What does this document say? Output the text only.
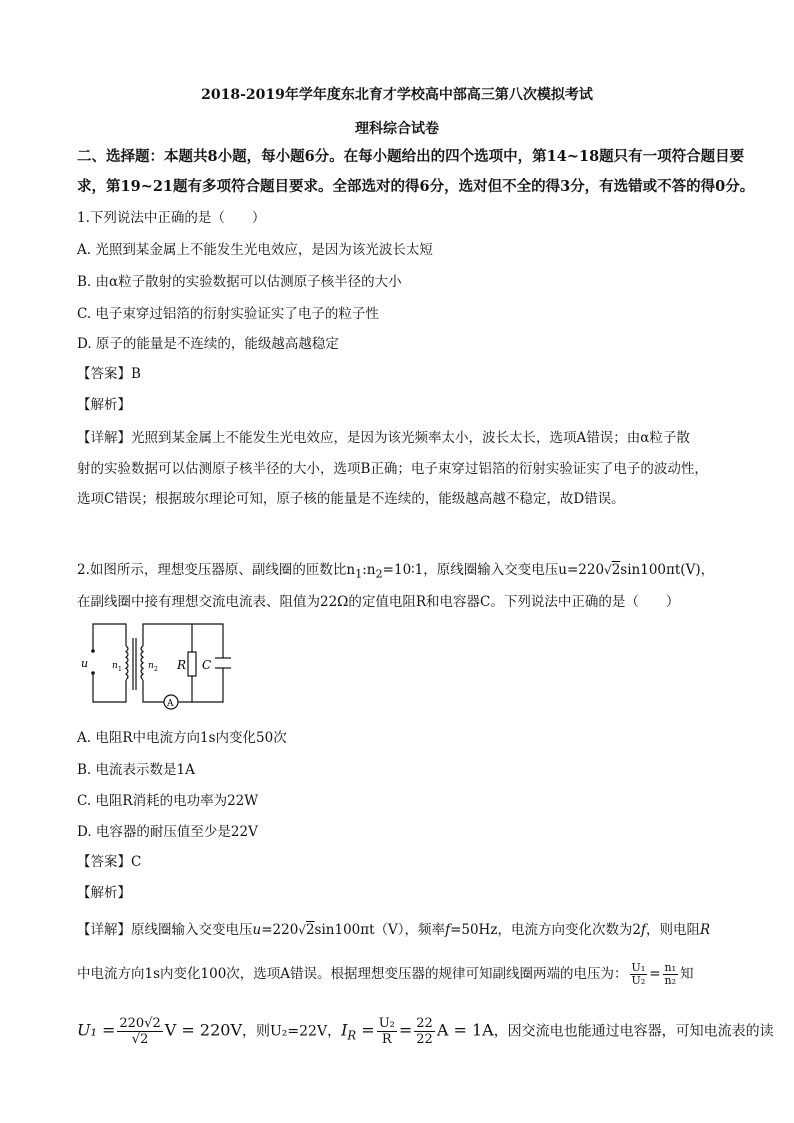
2018-2019年学年度东北育才学校高中部高三第八次模拟考试
理科综合试卷
二、选择题：本题共8小题，每小题6分。在每小题给出的四个选项中，第14~18题只有一项符合题目要
求，第19~21题有多项符合题目要求。全部选对的得6分，选对但不全的得3分，有选错或不答的得0分。
1.下列说法中正确的是（　　）
A. 光照到某金属上不能发生光电效应，是因为该光波长太短
B. 由α粒子散射的实验数据可以估测原子核半径的大小
C. 电子束穿过铝箔的衍射实验证实了电子的粒子性
D. 原子的能量是不连续的，能级越高越稳定
【答案】B
【解析】
【详解】光照到某金属上不能发生光电效应，是因为该光频率太小，波长太长，选项A错误；由α粒子散
射的实验数据可以估测原子核半径的大小，选项B正确；电子束穿过铝箔的衍射实验证实了电子的波动性，
选项C错误；根据玻尔理论可知，原子核的能量是不连续的，能级越高越不稳定，故D错误。
2.如图所示，理想变压器原、副线圈的匝数比$n_1:n_2=10∶1$，原线圈输入交变电压u=220√2sin100πt(V)，
在副线圈中接有理想交流电流表、阻值为22Ω的定值电阻R和电容器C。下列说法中正确的是（　　）
u	n 1	n 2 R C
A
A. 电阻R中电流方向1s内变化50次
B. 电流表示数是1A
C. 电阻R消耗的电功率为22W
D. 电容器的耐压值至少是22V
【答案】C
【解析】
【详解】原线圈输入交变电压u=220√2sin100πt（V），频率f=50Hz，电流方向变化次数为2f，则电阻R
中电流方向1s内变化100次，选项A错误。根据理想变压器的规律可知副线圈两端的电压为： $\frac{\text{U₁}}{\text{U₂}} = \frac{\text{n₁}}{\text{n₂}}$ 知
$U_1 = \frac{220√2}{√2}$ V = 220V，则U₂=22V，$I_R = \frac{\text{U₂}}{R} = \frac{22}{22}$ A = 1A，因交流电也能通过电容器，可知电流表的读
